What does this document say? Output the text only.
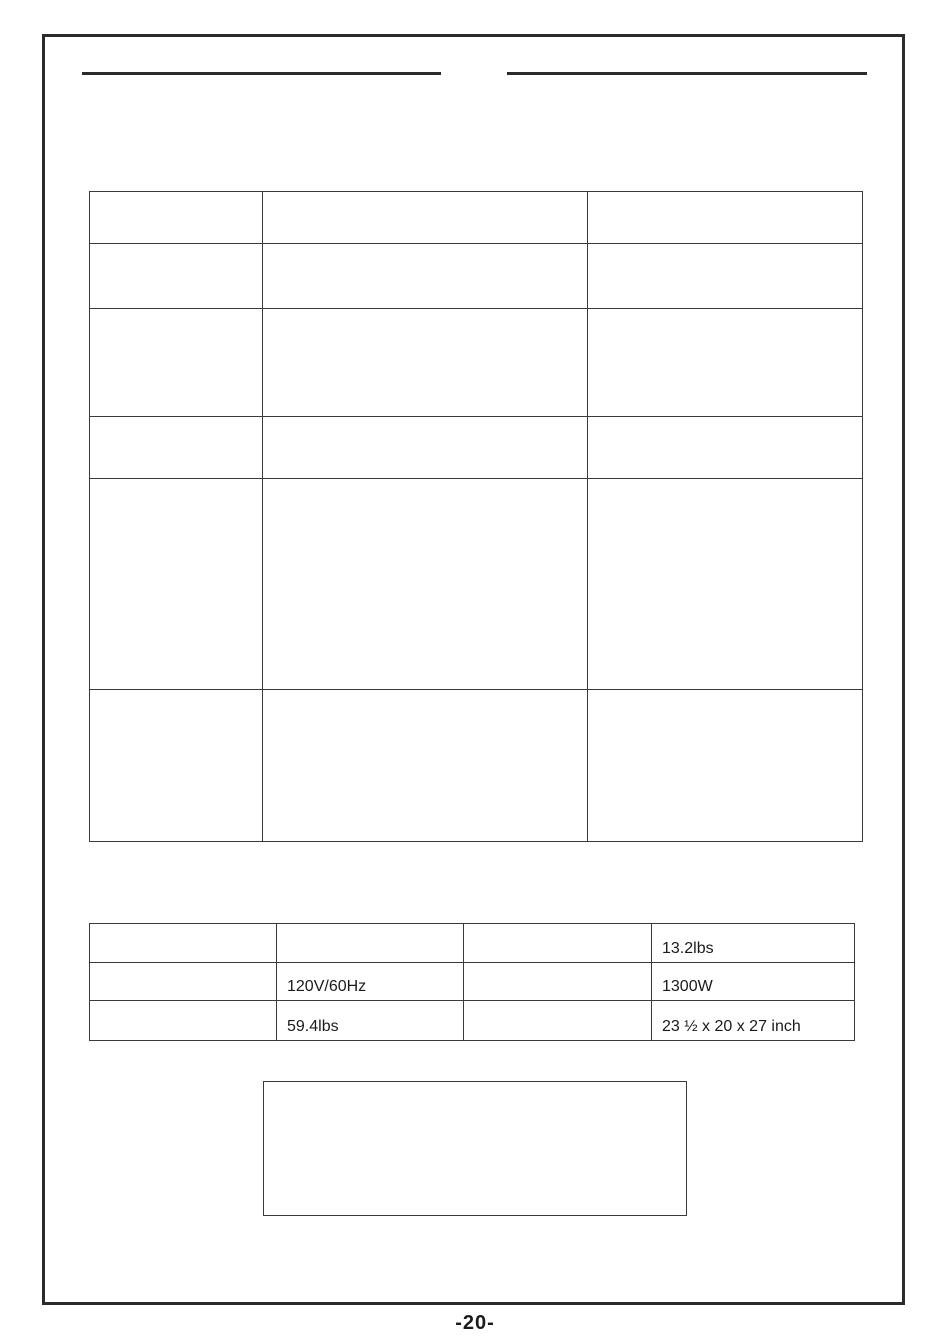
			13.2lbs

	120V/60Hz		1300W

	59.4lbs		23 ½ x 20 x 27 inch
-20-
